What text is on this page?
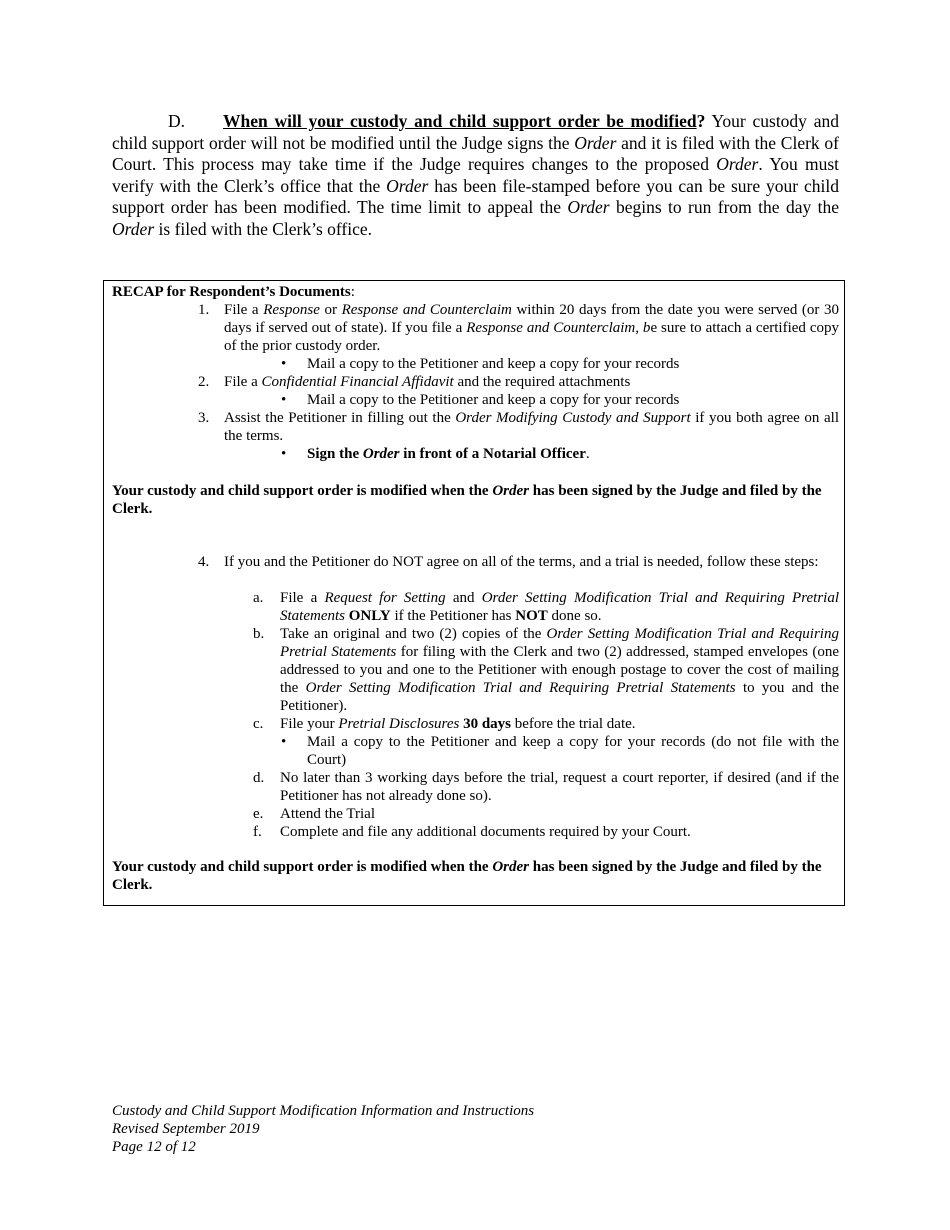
D. When will your custody and child support order be modified? Your custody and child support order will not be modified until the Judge signs the Order and it is filed with the Clerk of Court. This process may take time if the Judge requires changes to the proposed Order. You must verify with the Clerk’s office that the Order has been file-stamped before you can be sure your child support order has been modified. The time limit to appeal the Order begins to run from the day the Order is filed with the Clerk’s office.
RECAP for Respondent’s Documents:
1. File a Response or Response and Counterclaim within 20 days from the date you were served (or 30 days if served out of state). If you file a Response and Counterclaim, be sure to attach a certified copy of the prior custody order.
• Mail a copy to the Petitioner and keep a copy for your records
2. File a Confidential Financial Affidavit and the required attachments
• Mail a copy to the Petitioner and keep a copy for your records
3. Assist the Petitioner in filling out the Order Modifying Custody and Support if you both agree on all the terms.
• Sign the Order in front of a Notarial Officer.
Your custody and child support order is modified when the Order has been signed by the Judge and filed by the Clerk.
4. If you and the Petitioner do NOT agree on all of the terms, and a trial is needed, follow these steps:
a.	File a Request for Setting and Order Setting Modification Trial and Requiring Pretrial Statements ONLY if the Petitioner has NOT done so.
b.	Take an original and two (2) copies of the Order Setting Modification Trial and Requiring Pretrial Statements for filing with the Clerk and two (2) addressed, stamped envelopes (one addressed to you and one to the Petitioner with enough postage to cover the cost of mailing the Order Setting Modification Trial and Requiring Pretrial Statements to you and the Petitioner).
c.	File your Pretrial Disclosures 30 days before the trial date.
• Mail a copy to the Petitioner and keep a copy for your records (do not file with the Court)
d.	No later than 3 working days before the trial, request a court reporter, if desired (and if the Petitioner has not already done so).
e.	Attend the Trial
f.	Complete and file any additional documents required by your Court.
Your custody and child support order is modified when the Order has been signed by the Judge and filed by the Clerk.
Custody and Child Support Modification Information and Instructions
Revised September 2019
Page 12 of 12
